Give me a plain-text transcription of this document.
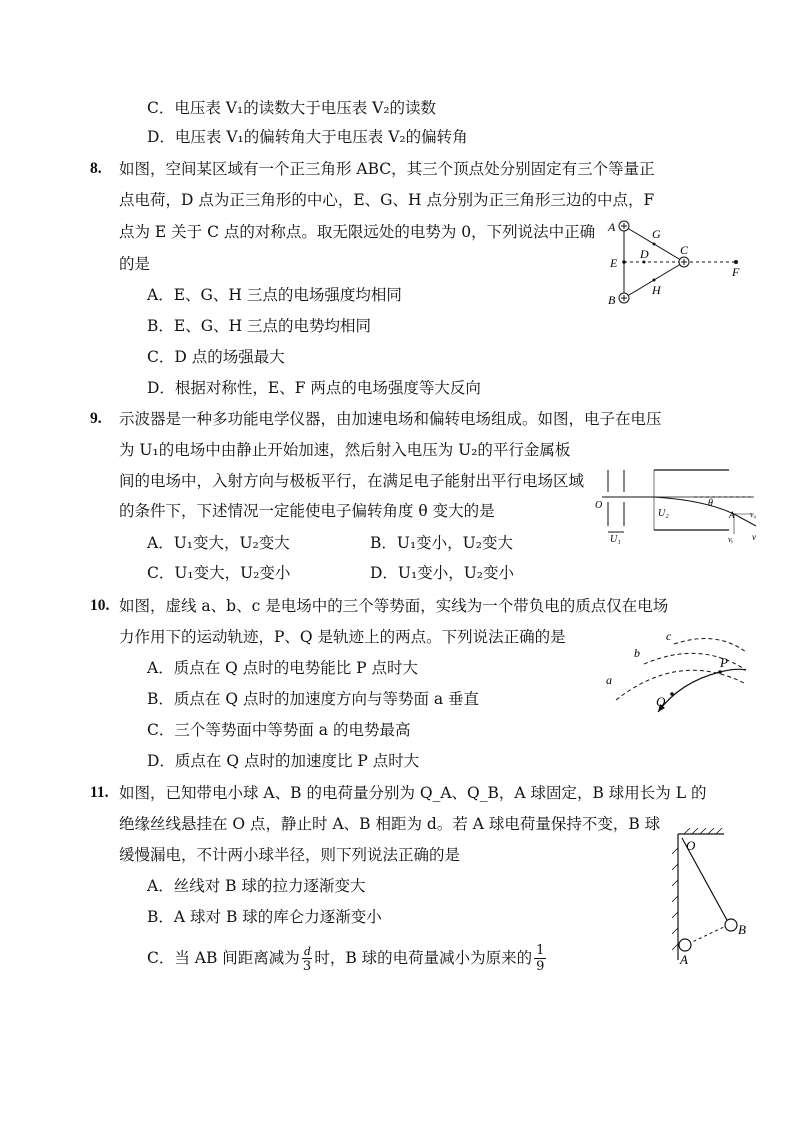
C．电压表 V₁的读数大于电压表 V₂的读数
D．电压表 V₁的偏转角大于电压表 V₂的偏转角
8. 如图，空间某区域有一个正三角形 ABC，其三个顶点处分别固定有三个等量正
点电荷，D 点为正三角形的中心，E、G、H 点分别为正三角形三边的中点，F
点为 E 关于 C 点的对称点。取无限远处的电势为 0，下列说法中正确
的是
A．E、G、H 三点的电场强度均相同
B．E、G、H 三点的电势均相同
C．D 点的场强最大
D．根据对称性，E、F 两点的电场强度等大反向
A
B
C
D
E
F
G
H
9. 示波器是一种多功能电学仪器，由加速电场和偏转电场组成。如图，电子在电压
为 U₁的电场中由静止开始加速，然后射入电压为 U₂的平行金属板
间的电场中，入射方向与极板平行，在满足电子能射出平行电场区域
的条件下，下述情况一定能使电子偏转角度 θ 变大的是
A．U₁变大，U₂变大	B．U₁变小，U₂变大
C．U₁变大，U₂变小	D．U₁变小，U₂变小
O
U₁
U₂
θ
A v₀
vᵧ v
10. 如图，虚线 a、b、c 是电场中的三个等势面，实线为一个带负电的质点仅在电场
力作用下的运动轨迹，P、Q 是轨迹上的两点。下列说法正确的是
A．质点在 Q 点时的电势能比 P 点时大
B．质点在 Q 点时的加速度方向与等势面 a 垂直
C．三个等势面中等势面 a 的电势最高
D．质点在 Q 点时的加速度比 P 点时大
a
b
c
P
Q
11. 如图，已知带电小球 A、B 的电荷量分别为 Q_A、Q_B，A 球固定，B 球用长为 L 的
绝缘丝线悬挂在 O 点，静止时 A、B 相距为 d。若 A 球电荷量保持不变，B 球
缓慢漏电，不计两小球半径，则下列说法正确的是
A．丝线对 B 球的拉力逐渐变大
B．A 球对 B 球的库仑力逐渐变小
C．当 AB 间距离减为 $\frac{d}{3}$ 时，B 球的电荷量减小为原来的 $\frac{1}{9}$
O
B
A
